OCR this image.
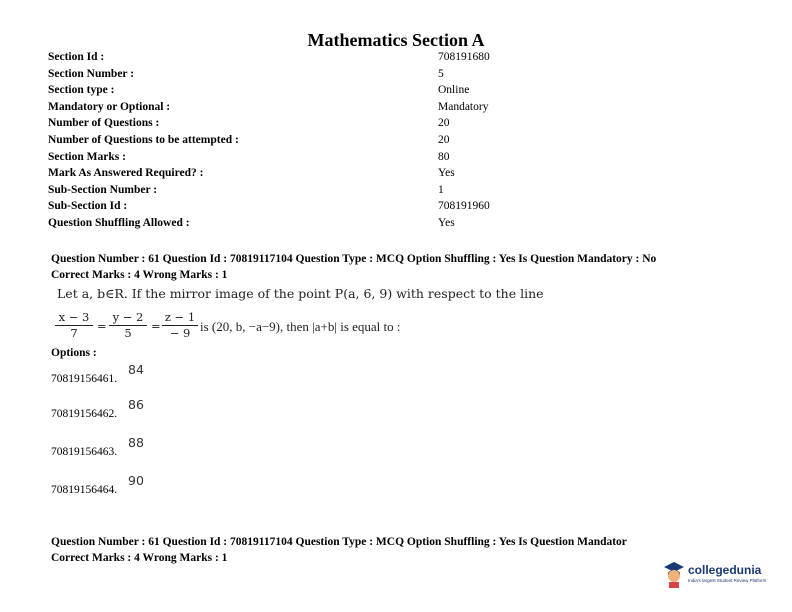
Mathematics Section A
Section Id :	708191680
Section Number :	5
Section type :	Online
Mandatory or Optional :	Mandatory
Number of Questions :	20
Number of Questions to be attempted :	20
Section Marks :	80
Mark As Answered Required? :	Yes
Sub-Section Number :	1
Sub-Section Id :	708191960
Question Shuffling Allowed :	Yes
Question Number : 61 Question Id : 70819117104 Question Type : MCQ Option Shuffling : Yes Is Question Mandatory : No
Correct Marks : 4 Wrong Marks : 1
Let a, b∈R. If the mirror image of the point P(a, 6, 9) with respect to the line
$\frac{x - 3}{7} = \frac{y - 2}{5} = \frac{z - 1}{- 9}$ is (20, b, −a−9), then |a+b| is equal to :
Options :
70819156461.
84
70819156462.
86
70819156463.
88
70819156464.
90
Question Number : 61 Question Id : 70819117104 Question Type : MCQ Option Shuffling : Yes Is Question Mandator
Correct Marks : 4 Wrong Marks : 1
collegedunia
India's largest Student Review Platform
